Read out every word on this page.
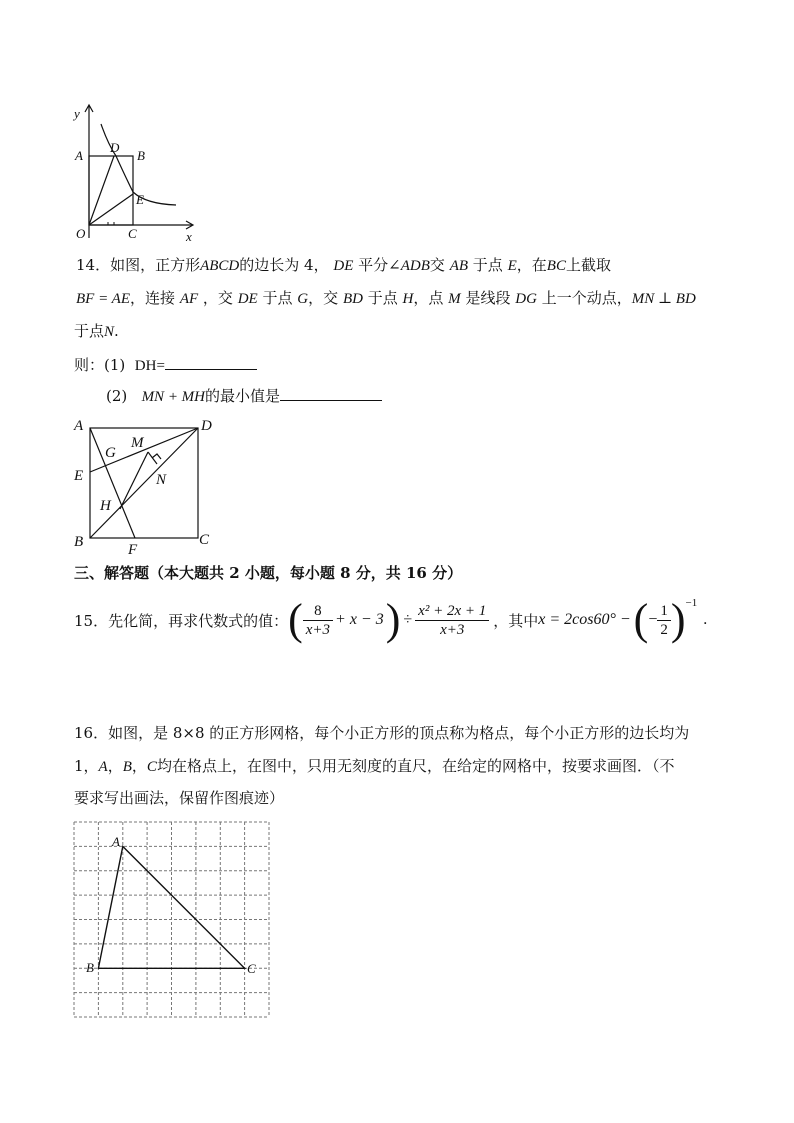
y
x
O
A
D
B
E
C
14．如图，正方形ABCD的边长为 4， DE 平分∠ADB交 AB 于点 E，在BC上截取
BF = AE，连接 AF ，交 DE 于点 G，交 BD 于点 H，点 M 是线段 DG 上一个动点，MN ⊥ BD
于点N.
则：(1) DH=
(2) MN + MH的最小值是
A	D
E
B	C
F
G
M
N
H
三、解答题（本大题共 2 小题，每小题 8 分，共 16 分）
15．先化简，再求代数式的值： ( $\frac{8}{x+3} + x - 3$ ) ÷ $\frac{\text{x² + 2x + 1}}{x+3}$ ，其中 x = 2cos60° − ( − $\frac{1}{2}$ ) −1
.
16．如图，是 8×8 的正方形网格，每个小正方形的顶点称为格点，每个小正方形的边长均为
1，A，B，C均在格点上，在图中，只用无刻度的直尺，在给定的网格中，按要求画图．（不
要求写出画法，保留作图痕迹）
A
B	C
